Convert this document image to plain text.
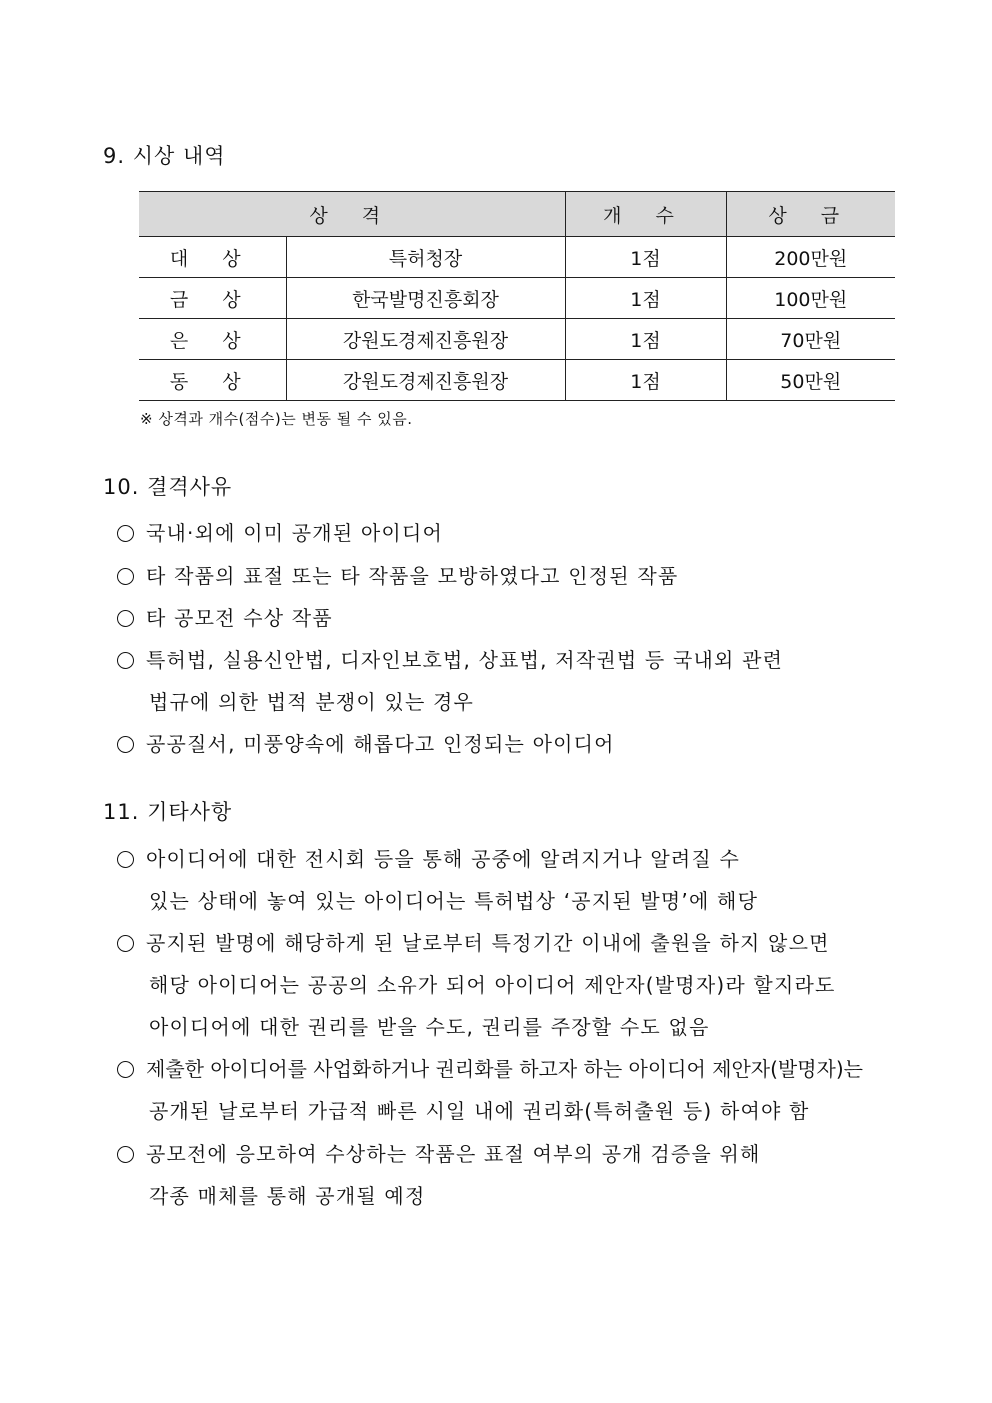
9. 시상 내역
상 격		개 수	상 금
대 상	특허청장	1점	200만원
금 상	한국발명진흥회장	1점	100만원
은 상	강원도경제진흥원장	1점	70만원
동 상	강원도경제진흥원장	1점	50만원
※ 상격과 개수(점수)는 변동 될 수 있음.
10. 결격사유
국내·외에 이미 공개된 아이디어
타 작품의 표절 또는 타 작품을 모방하였다고 인정된 작품
타 공모전 수상 작품
특허법, 실용신안법, 디자인보호법, 상표법, 저작권법 등 국내외 관련
법규에 의한 법적 분쟁이 있는 경우
공공질서, 미풍양속에 해롭다고 인정되는 아이디어
11. 기타사항
아이디어에 대한 전시회 등을 통해 공중에 알려지거나 알려질 수
있는 상태에 놓여 있는 아이디어는 특허법상 ‘공지된 발명’에 해당
공지된 발명에 해당하게 된 날로부터 특정기간 이내에 출원을 하지 않으면
해당 아이디어는 공공의 소유가 되어 아이디어 제안자(발명자)라 할지라도
아이디어에 대한 권리를 받을 수도, 권리를 주장할 수도 없음
제출한 아이디어를 사업화하거나 권리화를 하고자 하는 아이디어 제안자(발명자)는
공개된 날로부터 가급적 빠른 시일 내에 권리화(특허출원 등) 하여야 함
공모전에 응모하여 수상하는 작품은 표절 여부의 공개 검증을 위해
각종 매체를 통해 공개될 예정
